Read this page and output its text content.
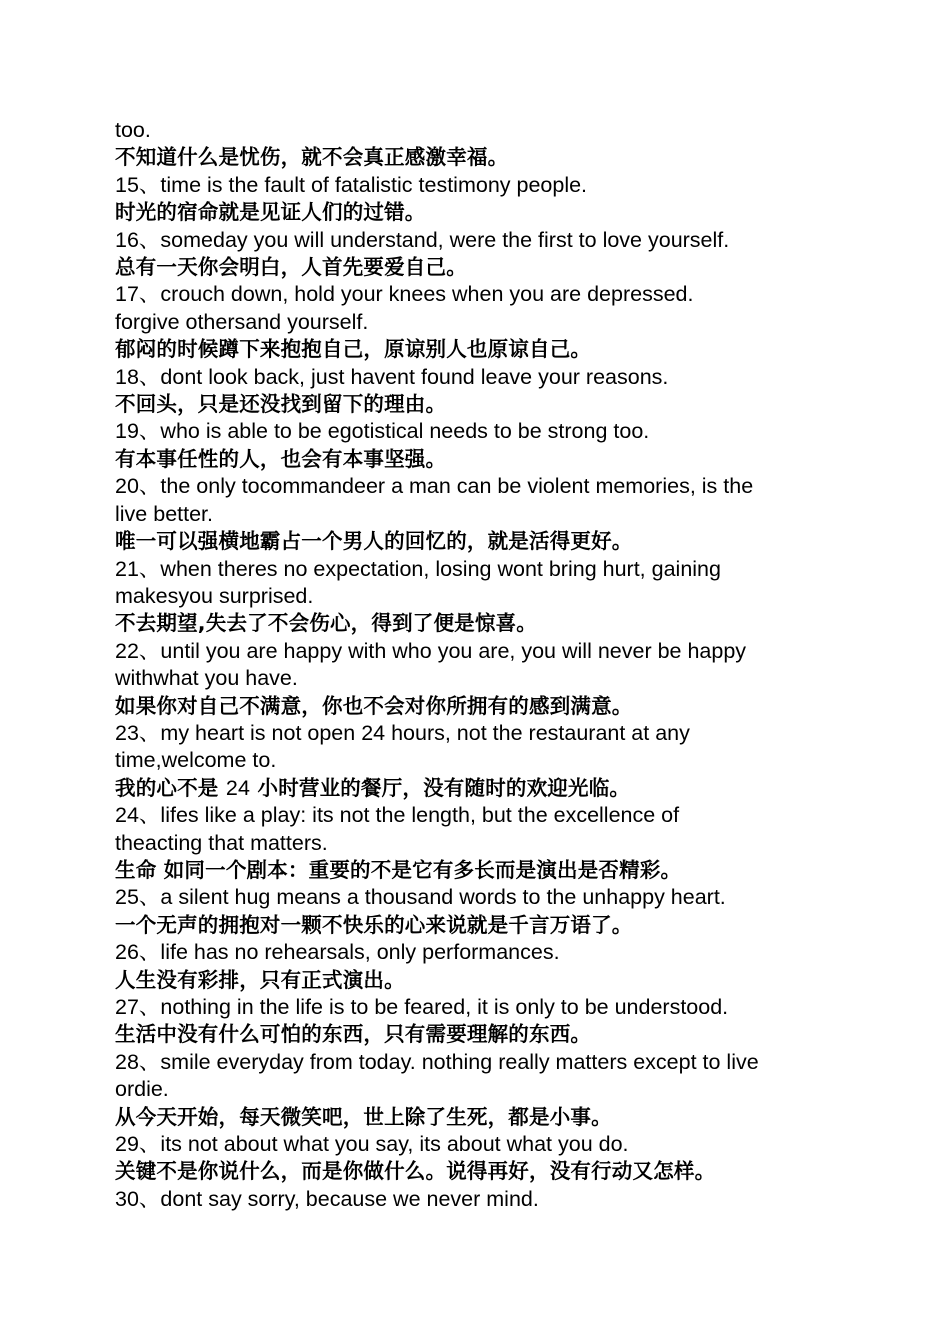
too.
不知道什么是忧伤，就不会真正感激幸福。
15、time is the fault of fatalistic testimony people.
时光的宿命就是见证人们的过错。
16、someday you will understand, were the first to love yourself.
总有一天你会明白，人首先要爱自己。
17、crouch down, hold your knees when you are depressed.
forgive othersand yourself.
郁闷的时候蹲下来抱抱自己，原谅别人也原谅自己。
18、dont look back, just havent found leave your reasons.
不回头，只是还没找到留下的理由。
19、who is able to be egotistical needs to be strong too.
有本事任性的人，也会有本事坚强。
20、the only tocommandeer a man can be violent memories, is the
live better.
唯一可以强横地霸占一个男人的回忆的，就是活得更好。
21、when theres no expectation, losing wont bring hurt, gaining
makesyou surprised.
不去期望,失去了不会伤心，得到了便是惊喜。
22、until you are happy with who you are, you will never be happy
withwhat you have.
如果你对自己不满意，你也不会对你所拥有的感到满意。
23、my heart is not open 24 hours, not the restaurant at any
time,welcome to.
我的心不是 24 小时营业的餐厅，没有随时的欢迎光临。
24、lifes like a play: its not the length, but the excellence of
theacting that matters.
生命 如同一个剧本：重要的不是它有多长而是演出是否精彩。
25、a silent hug means a thousand words to the unhappy heart.
一个无声的拥抱对一颗不快乐的心来说就是千言万语了。
26、life has no rehearsals, only performances.
人生没有彩排，只有正式演出。
27、nothing in the life is to be feared, it is only to be understood.
生活中没有什么可怕的东西，只有需要理解的东西。
28、smile everyday from today. nothing really matters except to live
ordie.
从今天开始，每天微笑吧，世上除了生死，都是小事。
29、its not about what you say, its about what you do.
关键不是你说什么，而是你做什么。说得再好，没有行动又怎样。
30、dont say sorry, because we never mind.
